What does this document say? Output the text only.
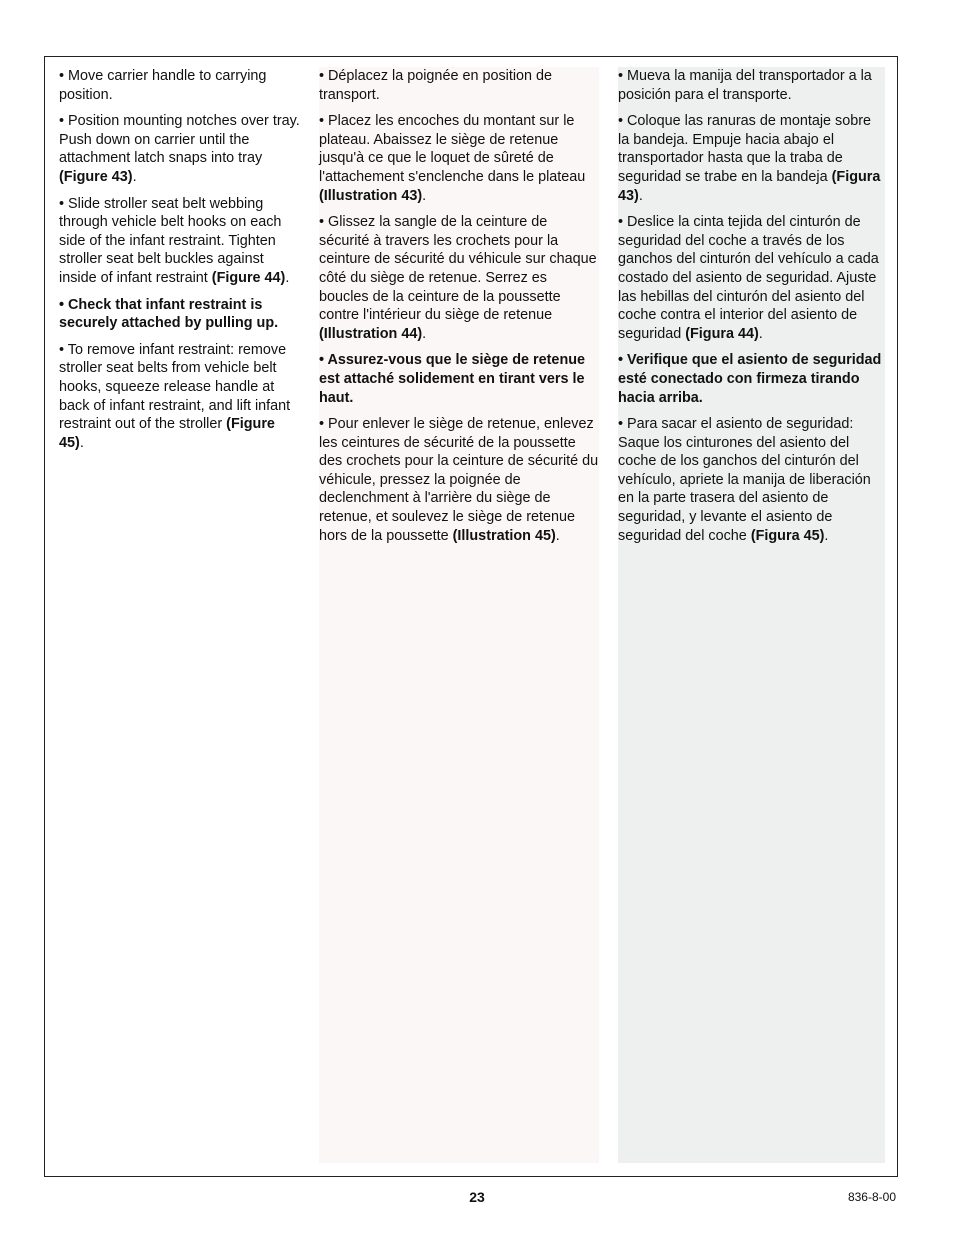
• Move carrier handle to carrying position.

• Position mounting notches over tray. Push down on carrier until the attachment latch snaps into tray (Figure 43).

• Slide stroller seat belt webbing through vehicle belt hooks on each side of the infant restraint. Tighten stroller seat belt buckles against inside of infant restraint (Figure 44).

• Check that infant restraint is securely attached by pulling up.

• To remove infant restraint: remove stroller seat belts from vehicle belt hooks, squeeze release handle at back of infant restraint, and lift infant restraint out of the stroller (Figure 45).

• Déplacez la poignée en position de transport.

• Placez les encoches du montant sur le plateau. Abaissez le siège de retenue jusqu'à ce que le loquet de sûreté de l'attachement s'enclenche dans le plateau (Illustration 43).

• Glissez la sangle de la ceinture de sécurité à travers les crochets pour la ceinture de sécurité du véhicule sur chaque côté du siège de retenue. Serrez es boucles de la ceinture de la poussette contre l'intérieur du siège de retenue (Illustration 44).

• Assurez-vous que le siège de retenue est attaché solidement en tirant vers le haut.

• Pour enlever le siège de retenue, enlevez les ceintures de sécurité de la poussette des crochets pour la ceinture de sécurité du véhicule, pressez la poignée de declenchment à l'arrière du siège de retenue, et soulevez le siège de retenue hors de la poussette (Illustration 45).

• Mueva la manija del transportador a la posición para el transporte.

• Coloque las ranuras de montaje sobre la bandeja. Empuje hacia abajo el transportador hasta que la traba de seguridad se trabe en la bandeja (Figura 43).

• Deslice la cinta tejida del cinturón de seguridad del coche a través de los ganchos del cinturón del vehículo a cada costado del asiento de seguridad. Ajuste las hebillas del cinturón del asiento del coche contra el interior del asiento de seguridad (Figura 44).

• Verifique que el asiento de seguridad esté conectado con firmeza tirando hacia arriba.

• Para sacar el asiento de seguridad: Saque los cinturones del asiento del coche de los ganchos del cinturón del vehículo, apriete la manija de liberación en la parte trasera del asiento de seguridad, y levante el asiento de seguridad del coche (Figura 45).

23	836-8-00
